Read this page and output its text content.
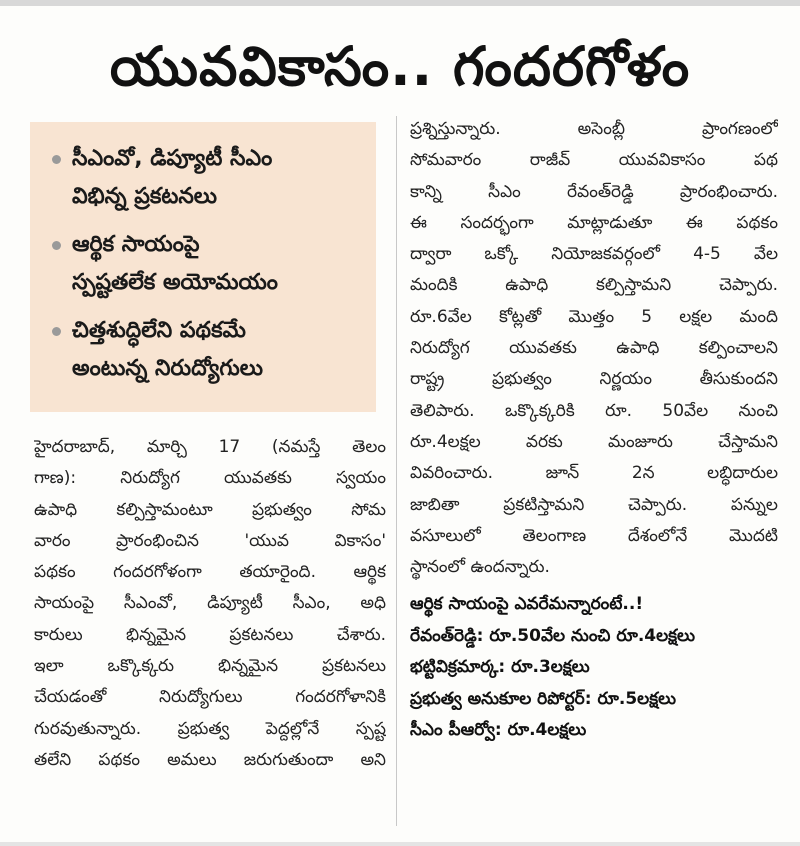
యువవికాసం.. గందరగోళం
సీఎంవో, డిప్యూటీ సీఎం
విభిన్న ప్రకటనలు
ఆర్థిక సాయంపై
స్పష్టతలేక అయోమయం
చిత్తశుద్ధిలేని పథకమే
అంటున్న నిరుద్యోగులు
హైదరాబాద్, మార్చి 17 (నమస్తే తెలం
గాణ): నిరుద్యోగ యువతకు స్వయం
ఉపాధి కల్పిస్తామంటూ ప్రభుత్వం సోమ
వారం ప్రారంభించిన 'యువ వికాసం'
పథకం గందరగోళంగా తయారైంది. ఆర్థిక
సాయంపై సీఎంవో, డిప్యూటీ సీఎం, అధి
కారులు భిన్నమైన ప్రకటనలు చేశారు.
ఇలా ఒక్కొక్కరు భిన్నమైన ప్రకటనలు
చేయడంతో నిరుద్యోగులు గందరగోళానికి
గురవుతున్నారు. ప్రభుత్వ పెద్దల్లోనే స్పష్ట
తలేని పథకం అమలు జరుగుతుందా అని
ప్రశ్నిస్తున్నారు. అసెంబ్లీ ప్రాంగణంలో
సోమవారం రాజీవ్ యువవికాసం పథ
కాన్ని సీఎం రేవంత్‌రెడ్డి ప్రారంభించారు.
ఈ సందర్భంగా మాట్లాడుతూ ఈ పథకం
ద్వారా ఒక్కో నియోజకవర్గంలో 4-5 వేల
మందికి ఉపాధి కల్పిస్తామని చెప్పారు.
రూ.6వేల కోట్లతో మొత్తం 5 లక్షల మంది
నిరుద్యోగ యువతకు ఉపాధి కల్పించాలని
రాష్ట్ర ప్రభుత్వం నిర్ణయం తీసుకుందని
తెలిపారు. ఒక్కొక్కరికి రూ. 50వేల నుంచి
రూ.4లక్షల వరకు మంజూరు చేస్తామని
వివరించారు. జూన్ 2న లబ్ధిదారుల
జాబితా ప్రకటిస్తామని చెప్పారు. పన్నుల
వసూలులో తెలంగాణ దేశంలోనే మొదటి
స్థానంలో ఉందన్నారు.
ఆర్థిక సాయంపై ఎవరేమన్నారంటే..!
రేవంత్‌రెడ్డి: రూ.50వేల నుంచి రూ.4లక్షలు
భట్టివిక్రమార్క: రూ.3లక్షలు
ప్రభుత్వ అనుకూల రిపోర్టర్: రూ.5లక్షలు
సీఎం పీఆర్వో: రూ.4లక్షలు
